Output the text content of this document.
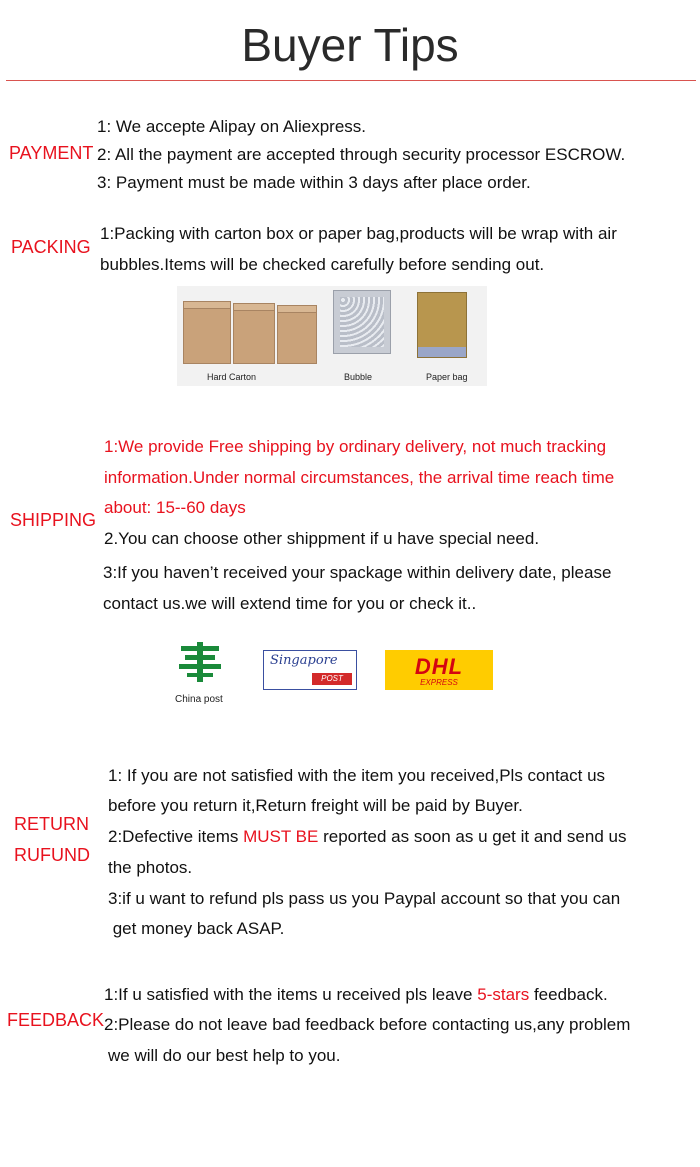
Buyer Tips
PAYMENT
1: We accepte Alipay on Aliexpress.
2: All the payment are accepted through security processor ESCROW.
3: Payment must be made within 3 days after place order.
PACKING
1:Packing with carton box or paper bag,products will be wrap with air
bubbles.Items will be checked carefully before sending out.
Hard Carton	Bubble	Paper bag
SHIPPING
1:We provide Free shipping by ordinary delivery, not much tracking
information.Under normal circumstances, the arrival time reach time
about: 15--60 days
2.You can choose other shippment if u have special need.
3:If you haven’t received your spackage within delivery date, please
contact us.we will extend time for you or check it..
China post
Singapore
POST	DHL
EXPRESS
RETURN
RUFUND
1: If you are not satisfied with the item you received,Pls contact us
before you return it,Return freight will be paid by Buyer.
2:Defective items MUST BE reported as soon as u get it and send us
the photos.
3:if u want to refund pls pass us you Paypal account so that you can
get money back ASAP.
FEEDBACK
1:If u satisfied with the items u received pls leave 5-stars feedback.
2:Please do not leave bad feedback before contacting us,any problem
we will do our best help to you.
